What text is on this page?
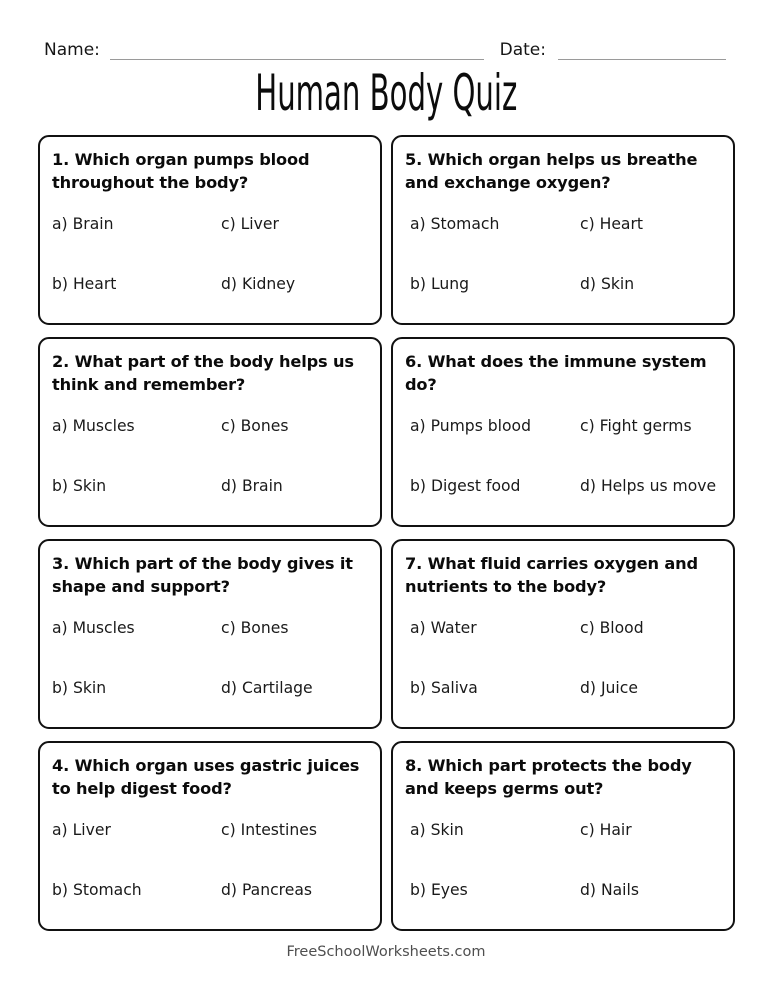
Name:	Date:
Human Body Quiz
1. Which organ pumps blood throughout the body?
a) Brain	c) Liver
b) Heart	d) Kidney
5. Which organ helps us breathe and exchange oxygen?
a) Stomach	c) Heart
b) Lung	d) Skin
2. What part of the body helps us think and remember?
a) Muscles	c) Bones
b) Skin	d) Brain
6. What does the immune system do?
a) Pumps blood	c) Fight germs
b) Digest food	d) Helps us move
3. Which part of the body gives it shape and support?
a) Muscles	c) Bones
b) Skin	d) Cartilage
7. What fluid carries oxygen and nutrients to the body?
a) Water	c) Blood
b) Saliva	d) Juice
4. Which organ uses gastric juices to help digest food?
a) Liver	c) Intestines
b) Stomach	d) Pancreas
8. Which part protects the body and keeps germs out?
a) Skin	c) Hair
b) Eyes	d) Nails
FreeSchoolWorksheets.com
